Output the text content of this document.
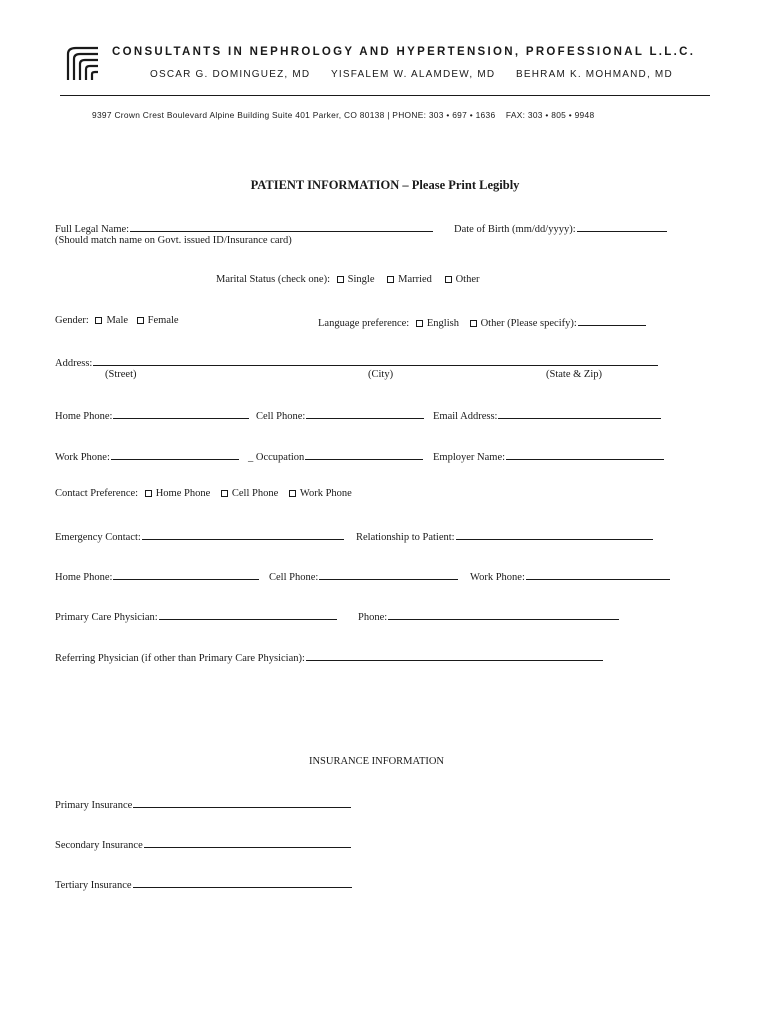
CONSULTANTS IN NEPHROLOGY AND HYPERTENSION, PROFESSIONAL L.L.C.
OSCAR G. DOMINGUEZ, MD YISFALEM W. ALAMDEW, MD BEHRAM K. MOHMAND, MD
9397 Crown Crest Boulevard Alpine Building Suite 401 Parker, CO 80138 | PHONE: 303 • 697 • 1636    FAX: 303 • 805 • 9948
PATIENT INFORMATION – Please Print Legibly
Full Legal Name:	Date of Birth (mm/dd/yyyy):
(Should match name on Govt. issued ID/Insurance card)
Marital Status (check one): Single Married Other
Gender: Male Female	Language preference: English Other (Please specify):
Address:
(Street)	(City)	(State & Zip)
Home Phone:	Cell Phone:	Email Address:
Work Phone:	_ Occupation	Employer Name:
Contact Preference: Home Phone Cell Phone Work Phone
Emergency Contact:	Relationship to Patient:
Home Phone:	Cell Phone:	Work Phone:
Primary Care Physician:	Phone:
Referring Physician (if other than Primary Care Physician):
INSURANCE INFORMATION
Primary Insurance
Secondary Insurance
Tertiary Insurance
